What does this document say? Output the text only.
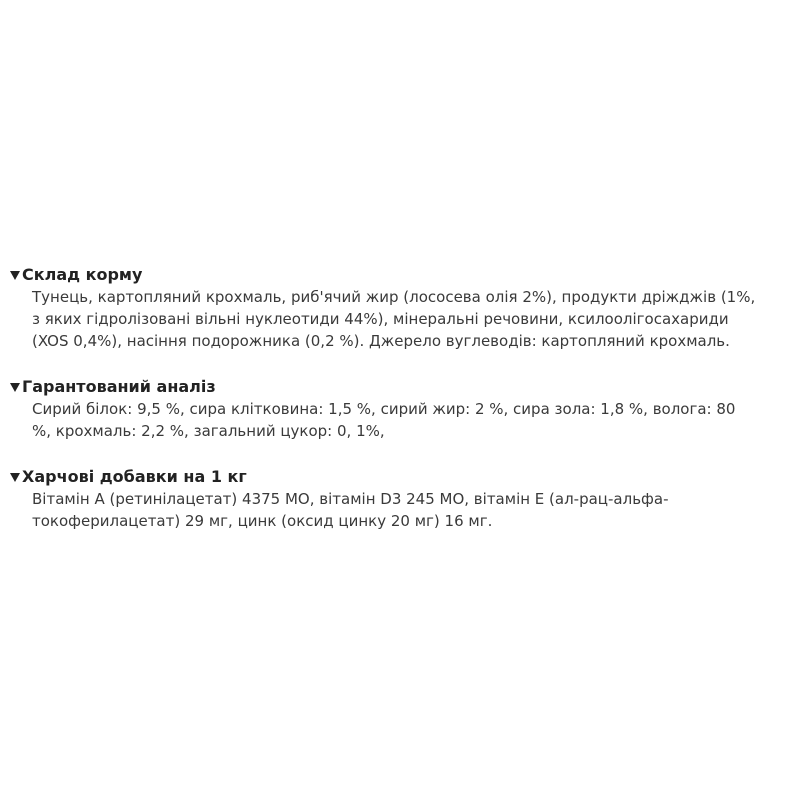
Склад корму
Тунець, картопляний крохмаль, риб'ячий жир (лососева олія 2%), продукти дріжджів (1%,
з яких гідролізовані вільні нуклеотиди 44%), мінеральні речовини, ксилоолігосахариди
(XOS 0,4%), насіння подорожника (0,2 %). Джерело вуглеводів: картопляний крохмаль.
Гарантований аналіз
Сирий білок: 9,5 %, сира клітковина: 1,5 %, сирий жир: 2 %, сира зола: 1,8 %, волога: 80
%, крохмаль: 2,2 %, загальний цукор: 0, 1%,
Харчові добавки на 1 кг
Вітамін А (ретинілацетат) 4375 МО, вітамін D3 245 МО, вітамін Е (ал-рац-альфа-
токоферилацетат) 29 мг, цинк (оксид цинку 20 мг) 16 мг.
